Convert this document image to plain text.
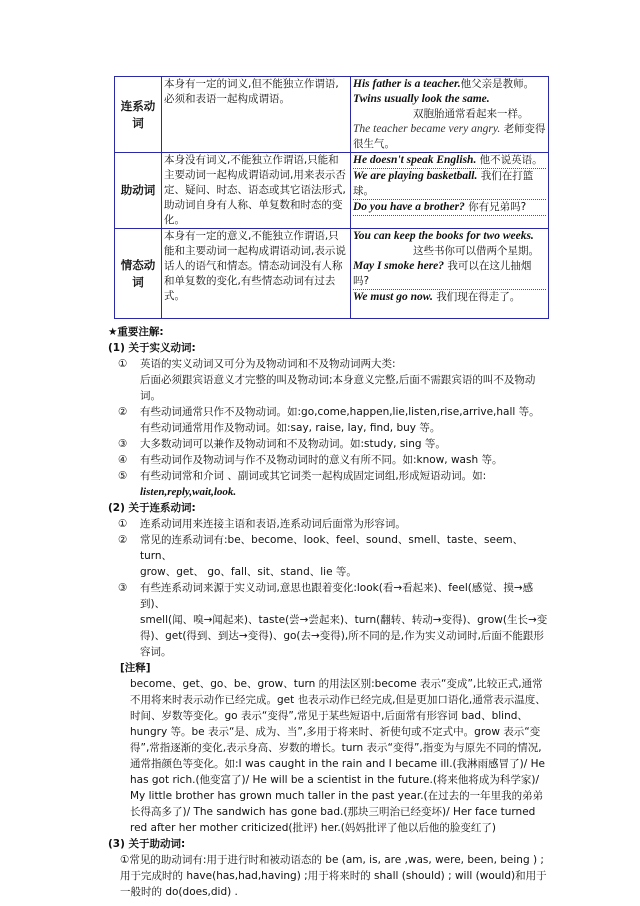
连系动词	本身有一定的词义,但不能独立作谓语,必须和表语一起构成谓语。	His father is a teacher.他父亲是教师。
Twins usually look the same.
双胞胎通常看起来一样。
The teacher became very angry. 老师变得很生气。

助动词	本身没有词义,不能独立作谓语,只能和主要动词一起构成谓语动词,用来表示否定、疑问、时态、语态或其它语法形式,助动词自身有人称、单复数和时态的变化。	He doesn't speak English. 他不说英语。
We are playing basketball. 我们在打篮球。
Do you have a brother? 你有兄弟吗?

情态动词	本身有一定的意义,不能独立作谓语,只能和主要动词一起构成谓语动词,表示说话人的语气和情态。情态动词没有人称和单复数的变化,有些情态动词有过去式。	You can keep the books for two weeks.
这些书你可以借两个星期。
May I smoke here? 我可以在这儿抽烟吗?
We must go now. 我们现在得走了。

★重要注解:

(1) 关于实义动词:

①	英语的实义动词又可分为及物动词和不及物动词两大类:

后面必须跟宾语意义才完整的叫及物动词;本身意义完整,后面不需跟宾语的叫不及物动词。

②	有些动词通常只作不及物动词。如:go,come,happen,lie,listen,rise,arrive,hall 等。

有些动词通常用作及物动词。如:say, raise, lay, find, buy 等。

③	大多数动词可以兼作及物动词和不及物动词。如:study, sing 等。

④	有些动词作及物动词与作不及物动词时的意义有所不同。如:know, wash 等。

⑤	有些动词常和介词 、副词或其它词类一起构成固定词组,形成短语动词。如:

listen,reply,wait,look.

(2) 关于连系动词:

①	连系动词用来连接主语和表语,连系动词后面常为形容词。

②	常见的连系动词有:be、become、look、feel、sound、smell、taste、seem、turn、

grow、get、 go、fall、sit、stand、lie 等。

③	有些连系动词来源于实义动词,意思也跟着变化:look(看→看起来)、feel(感觉、摸→感到)、

smell(闻、嗅→闻起来)、taste(尝→尝起来)、turn(翻转、转动→变得)、grow(生长→变得)、get(得到、到达→变得)、go(去→变得),所不同的是,作为实义动词时,后面不能跟形容词。

[注释]

become、get、go、be、grow、turn 的用法区别:become 表示“变成”,比较正式,通常不用将来时表示动作已经完成。get 也表示动作已经完成,但是更加口语化,通常表示温度、时间、岁数等变化。go 表示“变得”,常见于某些短语中,后面常有形容词 bad、blind、hungry 等。be 表示“是、成为、当”,多用于将来时、祈使句或不定式中。grow 表示“变得”,常指逐渐的变化,表示身高、岁数的增长。turn 表示“变得”,指变为与原先不同的情况,通常指颜色等变化。如:I was caught in the rain and I became ill.(我淋雨感冒了)/ He has got rich.(他变富了)/ He will be a scientist in the future.(将来他将成为科学家)/ My little brother has grown much taller in the past year.(在过去的一年里我的弟弟长得高多了)/ The sandwich has gone bad.(那块三明治已经变坏)/ Her face turned red after her mother criticized(批评) her.(妈妈批评了他以后他的脸变红了)

(3) 关于助动词:

①常见的助动词有:用于进行时和被动语态的 be (am, is, are ,was, were, been, being ) ;用于完成时的 have(has,had,having) ;用于将来时的 shall (should) ; will (would)和用于一般时的 do(does,did) .
